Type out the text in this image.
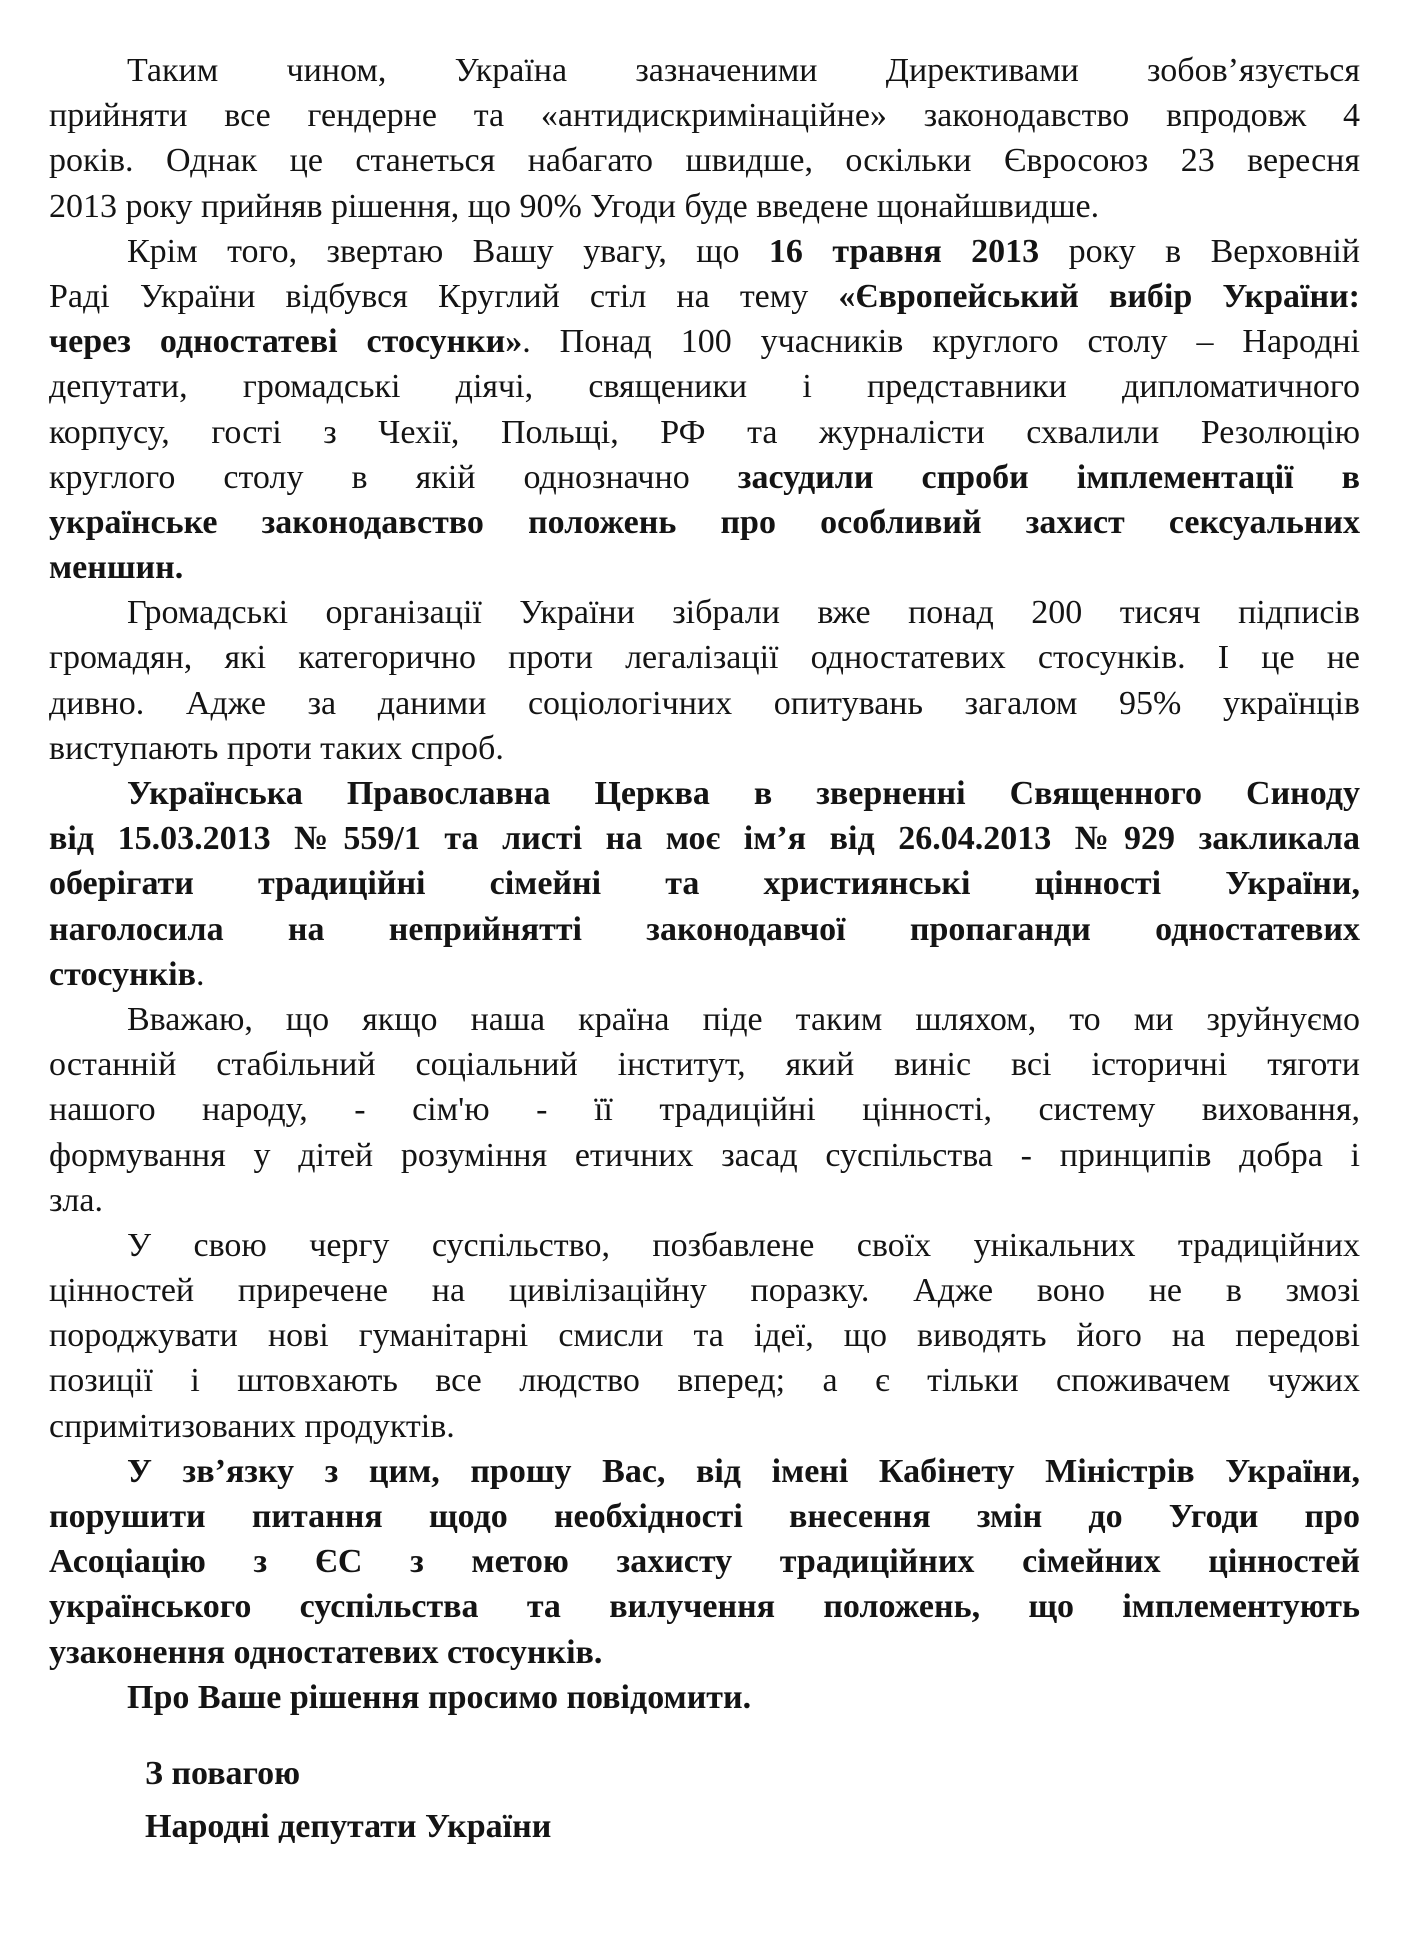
Таким чином, Україна зазначеними Директивами зобов’язується
прийняти все гендерне та «антидискримінаційне» законодавство впродовж 4
років. Однак це станеться набагато швидше, оскільки Євросоюз 23 вересня
2013 року прийняв рішення, що 90% Угоди буде введене щонайшвидше.
Крім того, звертаю Вашу увагу, що 16 травня 2013 року в Верховній
Раді України відбувся Круглий стіл на тему «Європейський вибір України:
через одностатеві стосунки». Понад 100 учасників круглого столу – Народні
депутати, громадські діячі, священики і представники дипломатичного
корпусу, гості з Чехії, Польщі, РФ та журналісти схвалили Резолюцію
круглого столу в якій однозначно засудили спроби імплементації в
українське законодавство положень про особливий захист сексуальних
меншин.
Громадські організації України зібрали вже понад 200 тисяч підписів
громадян, які категорично проти легалізації одностатевих стосунків. І це не
дивно. Адже за даними соціологічних опитувань загалом 95% українців
виступають проти таких спроб.
Українська Православна Церква в зверненні Священного Синоду
від 15.03.2013 №559/1 та листі на моє ім’я від 26.04.2013 №929 закликала
оберігати традиційні сімейні та християнські цінності України,
наголосила на неприйнятті законодавчої пропаганди одностатевих
стосунків.
Вважаю, що якщо наша країна піде таким шляхом, то ми зруйнуємо
останній стабільний соціальний інститут, який виніс всі історичні тяготи
нашого народу, - сім'ю - її традиційні цінності, систему виховання,
формування у дітей розуміння етичних засад суспільства - принципів добра і
зла.
У свою чергу суспільство, позбавлене своїх унікальних традиційних
цінностей приречене на цивілізаційну поразку. Адже воно не в змозі
породжувати нові гуманітарні смисли та ідеї, що виводять його на передові
позиції і штовхають все людство вперед; а є тільки споживачем чужих
спримітизованих продуктів.
У зв’язку з цим, прошу Вас, від імені Кабінету Міністрів України,
порушити питання щодо необхідності внесення змін до Угоди про
Асоціацію з ЄС з метою захисту традиційних сімейних цінностей
українського суспільства та вилучення положень, що імплементують
узаконення одностатевих стосунків.
Про Ваше рішення просимо повідомити.
З повагою
Народні депутати України
